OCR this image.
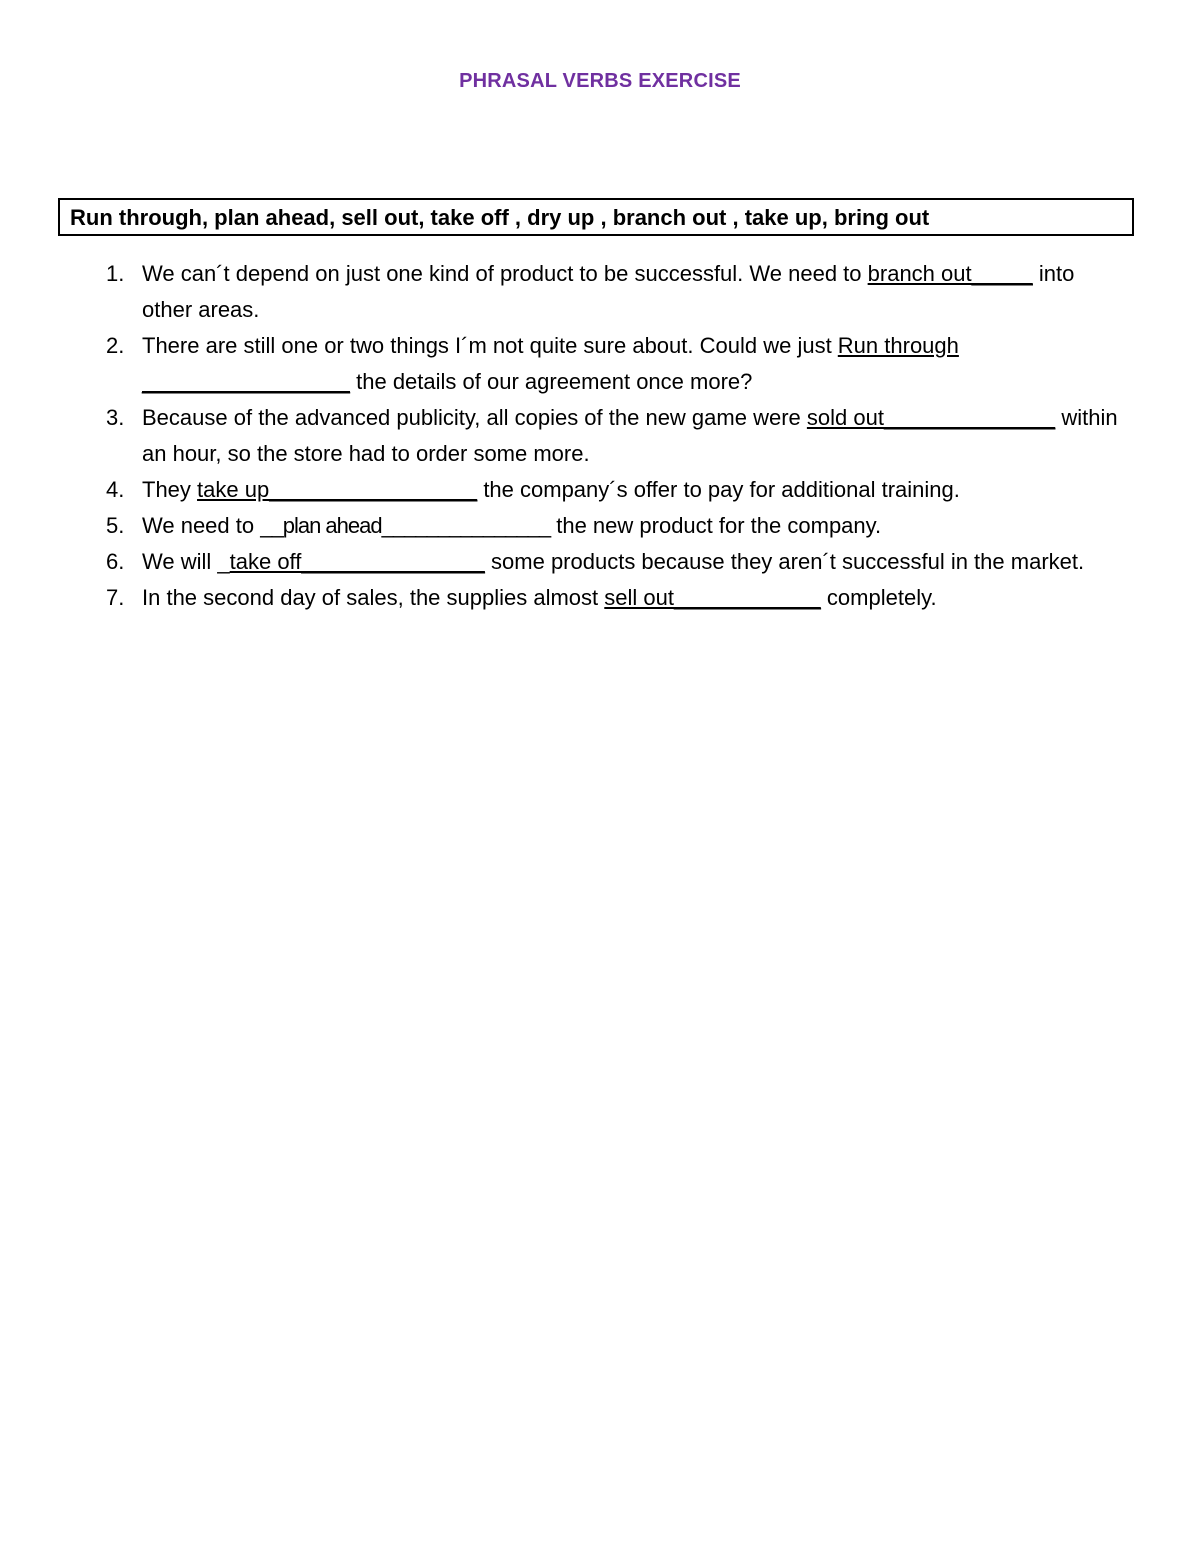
PHRASAL VERBS EXERCISE
Run through, plan ahead, sell out, take off , dry up , branch out , take up, bring out
1. We can´t depend on just one kind of product to be successful. We need to branch out_____ into other areas.
2. There are still one or two things I´m not quite sure about. Could we just Run through _________________ the details of our agreement once more?
3. Because of the advanced publicity, all copies of the new game were sold out______________ within an hour, so the store had to order some more.
4. They take up_________________ the company´s offer to pay for additional training.
5. We need to __plan ahead_______________ the new product for the company.
6. We will _take off_______________ some products because they aren´t successful in the market.
7. In the second day of sales, the supplies almost sell out____________ completely.
